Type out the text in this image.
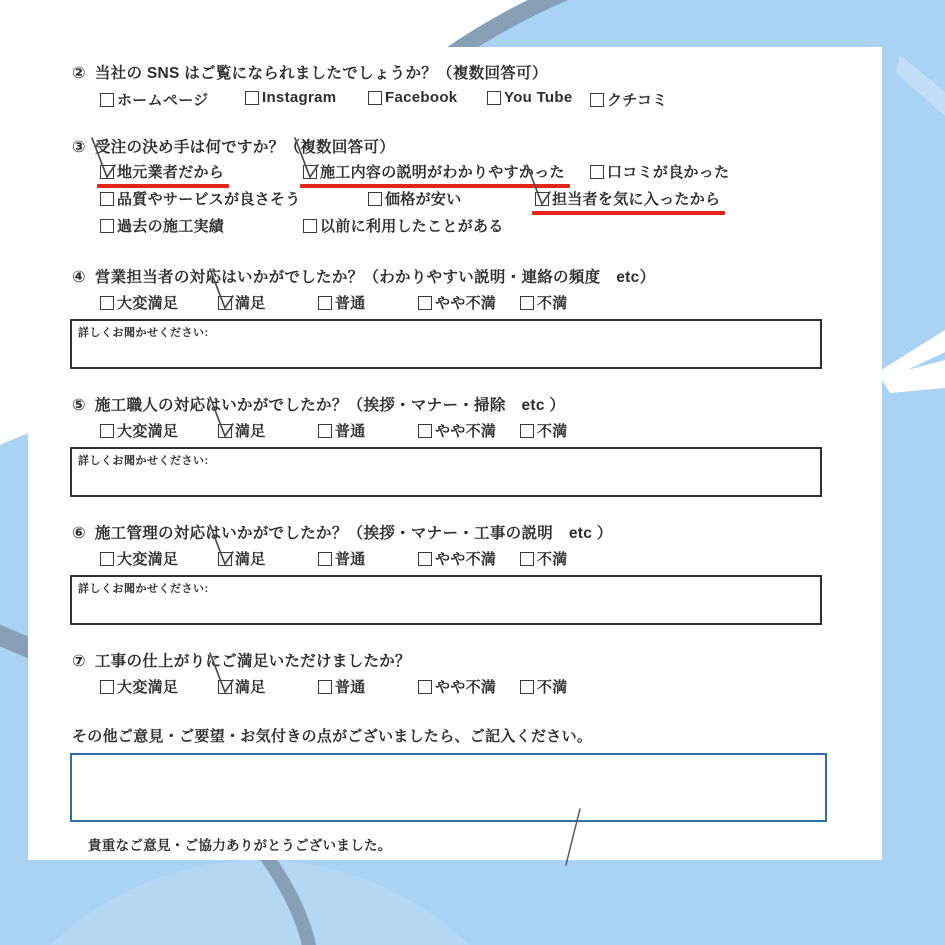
② 当社の SNS はご覧になられましたでしょうか？（複数回答可）
ホームページ	Instagram	Facebook	You Tube クチコミ
③ 受注の決め手は何ですか？（複数回答可）
地元業者だから	施工内容の説明がわかりやすかった	口コミが良かった
品質やサービスが良さそう	価格が安い	担当者を気に入ったから
過去の施工実績	以前に利用したことがある
④ 営業担当者の対応はいかがでしたか？（わかりやすい説明・連絡の頻度　etc）
大変満足	満足	普通	やや不満	不満
詳しくお聞かせください:
⑤ 施工職人の対応はいかがでしたか？（挨拶・マナー・掃除　etc ）
大変満足	満足	普通	やや不満	不満
詳しくお聞かせください:
⑥ 施工管理の対応はいかがでしたか？（挨拶・マナー・工事の説明　etc ）
大変満足	満足	普通	やや不満	不満
詳しくお聞かせください:
⑦ 工事の仕上がりにご満足いただけましたか？
大変満足	満足	普通	やや不満	不満
その他ご意見・ご要望・お気付きの点がございましたら、ご記入ください。
貴重なご意見・ご協力ありがとうございました。
